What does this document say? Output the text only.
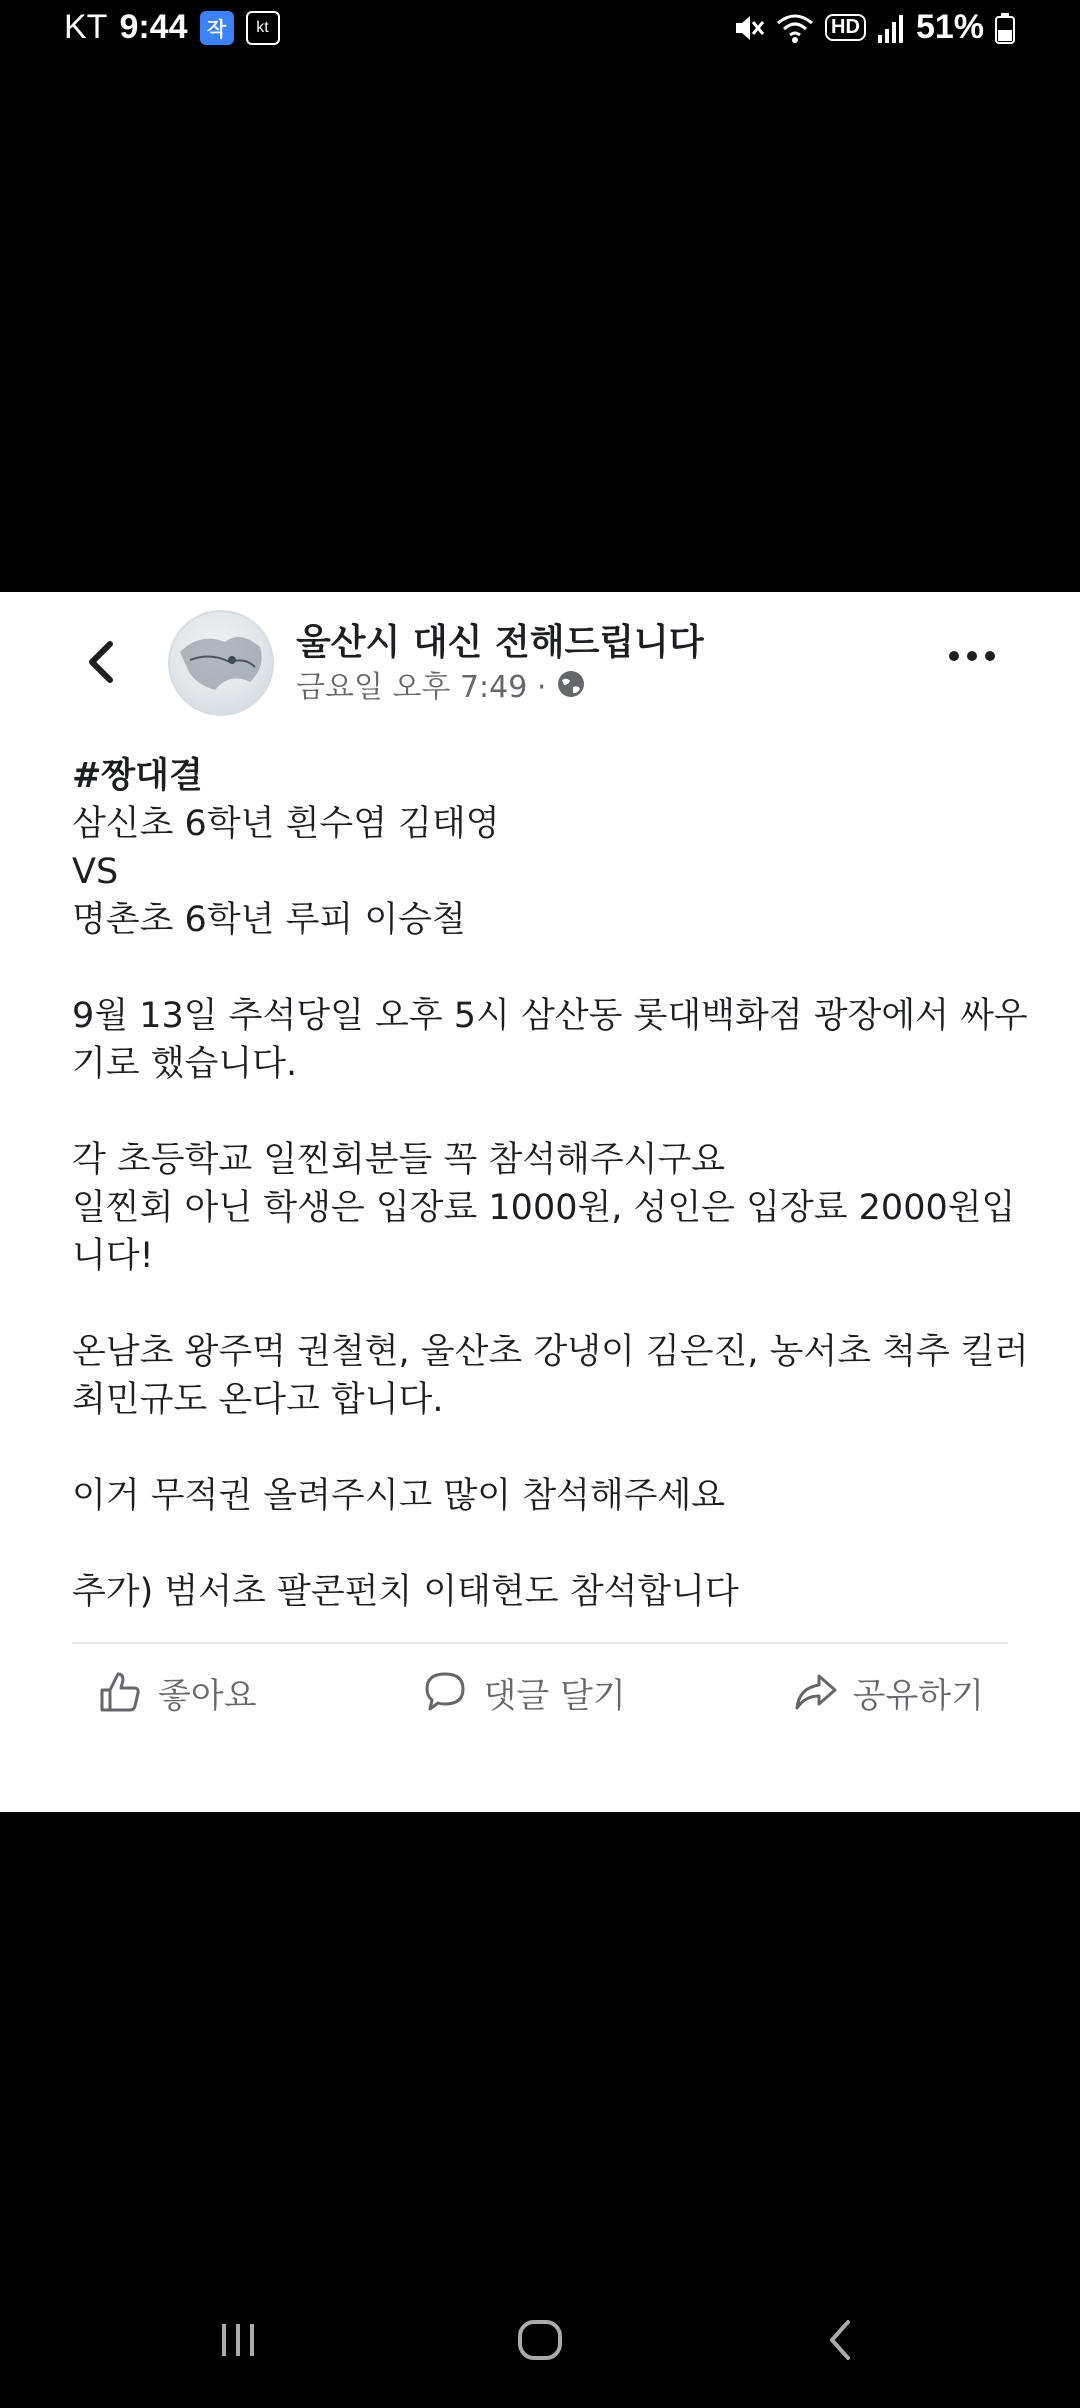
KT 9:44 작	kt	HD 51%
울산시 대신 전해드립니다
금요일 오후 7:49 ·
#짱대결
삼신초 6학년 흰수염 김태영
VS
명촌초 6학년 루피 이승철
9월 13일 추석당일 오후 5시 삼산동 롯대백화점 광장에서 싸우
기로 했습니다.
각 초등학교 일찐회분들 꼭 참석해주시구요
일찐회 아닌 학생은 입장료 1000원, 성인은 입장료 2000원입
니다!
온남초 왕주먹 권철현, 울산초 강냉이 김은진, 농서초 척추 킬러
최민규도 온다고 합니다.
이거 무적권 올려주시고 많이 참석해주세요
추가) 범서초 팔콘펀치 이태현도 참석합니다
좋아요	댓글 달기	공유하기
